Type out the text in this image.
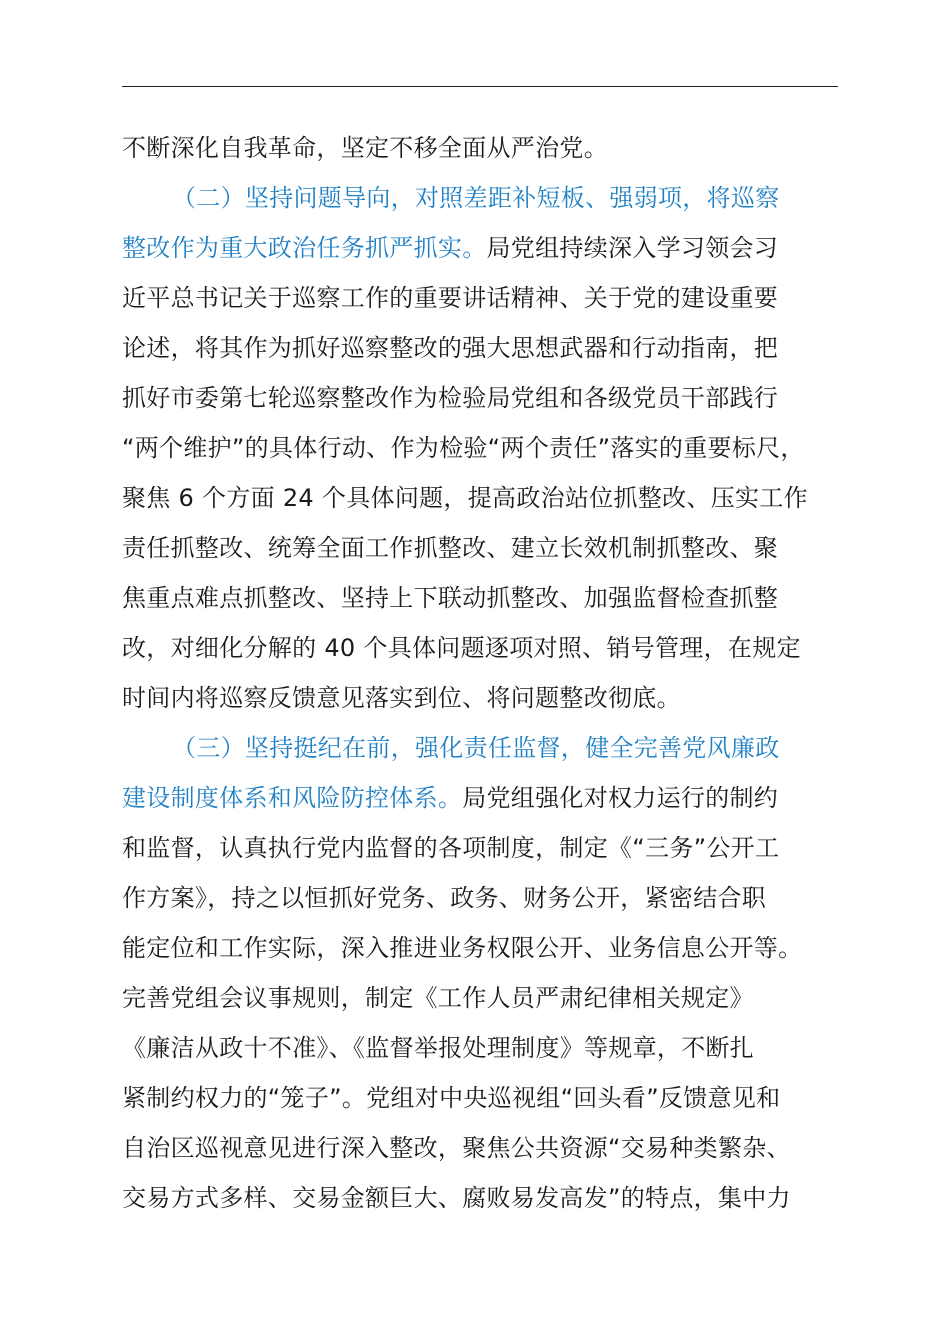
不断深化自我革命，坚定不移全面从严治党。
（二）坚持问题导向，对照差距补短板、强弱项，将巡察
整改作为重大政治任务抓严抓实。局党组持续深入学习领会习
近平总书记关于巡察工作的重要讲话精神、关于党的建设重要
论述，将其作为抓好巡察整改的强大思想武器和行动指南，把
抓好市委第七轮巡察整改作为检验局党组和各级党员干部践行
“两个维护”的具体行动、作为检验“两个责任”落实的重要标尺，
聚焦 6 个方面 24 个具体问题，提高政治站位抓整改、压实工作
责任抓整改、统筹全面工作抓整改、建立长效机制抓整改、聚
焦重点难点抓整改、坚持上下联动抓整改、加强监督检查抓整
改，对细化分解的 40 个具体问题逐项对照、销号管理，在规定
时间内将巡察反馈意见落实到位、将问题整改彻底。
（三）坚持挺纪在前，强化责任监督，健全完善党风廉政
建设制度体系和风险防控体系。局党组强化对权力运行的制约
和监督，认真执行党内监督的各项制度，制定《“三务”公开工
作方案》，持之以恒抓好党务、政务、财务公开，紧密结合职
能定位和工作实际，深入推进业务权限公开、业务信息公开等。
完善党组会议事规则，制定《工作人员严肃纪律相关规定》
《廉洁从政十不准》、《监督举报处理制度》等规章，不断扎
紧制约权力的“笼子”。党组对中央巡视组“回头看”反馈意见和
自治区巡视意见进行深入整改，聚焦公共资源“交易种类繁杂、
交易方式多样、交易金额巨大、腐败易发高发”的特点，集中力
